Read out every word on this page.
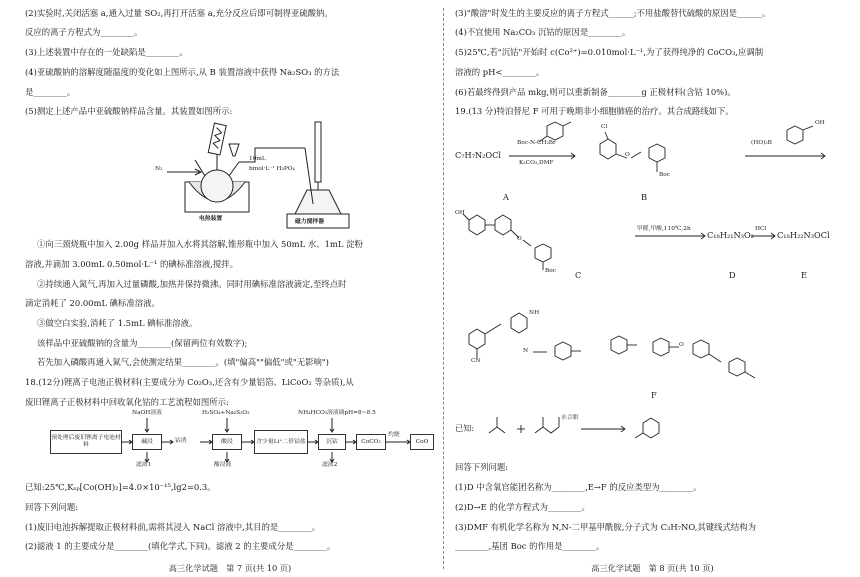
(2)实验时,关闭活塞 a,通入过量 SO₂,再打开活塞 a,充分反应后即可制得亚硫酸钠。
反应的离子方程式为________。
(3)上述装置中存在的一处缺陷是________。
(4)亚硫酸钠的溶解度随温度的变化如上图所示,从 B 装置溶液中获得 Na₂SO₃ 的方法
是________。
(5)测定上述产品中亚硫酸钠样品含量。其装置如图所示:
N₂
10mL
bmol·L⁻¹ H₃PO₄
电热装置	磁力搅拌器
①向三颈烧瓶中加入 2.00g 样品并加入水将其溶解,锥形瓶中加入 50mL 水、1mL 淀粉
溶液,并滴加 3.00mL 0.50mol·L⁻¹ 的碘标准溶液,搅拌。
②持续通入氮气,再加入过量磷酸,加热并保持微沸。同时用碘标准溶液滴定,至终点时
滴定消耗了 20.00mL 碘标准溶液。
③做空白实验,消耗了 1.5mL 碘标准溶液。
该样品中亚硫酸钠的含量为________(保留两位有效数字);
若先加入磷酸再通入氮气,会使测定结果________。(填"偏高""偏低"或"无影响")
18.(12分)锂离子电池正极材料(主要成分为 Co₂O₃,还含有少量铝箔、LiCoO₂ 等杂质),从
废旧锂离子正极材料中回收氧化钴的工艺流程如图所示:
预处理后废旧锂离子电池材料
NaOH溶液
碱浸
滤液1
钴渣
H₂SO₄+Na₂S₂O₃
酸浸
酸浸液
含少量Li⁺二价钴盐
NH₄HCO₃溶液调pH=8~8.5
沉钴
滤液2
CoCO₃
灼烧
CoO
已知:25℃,Kₛₚ[Co(OH)₂]=4.0×10⁻¹⁵,lg2=0.3。
回答下列问题:
(1)废旧电池拆解提取正极材料前,需将其浸入 NaCl 溶液中,其目的是________。
(2)滤液 1 的主要成分是________(填化学式,下同)。滤液 2 的主要成分是________。
高三化学试题　第 7 页(共 10 页)
(3)"酸溶"时发生的主要反应的离子方程式______;不用盐酸替代硫酸的原因是______。
(4)不宜使用 Na₂CO₃ 沉钴的原因是________。
(5)25℃,若"沉钴"开始时 c(Co²⁺)=0.010mol·L⁻¹,为了获得纯净的 CoCO₃,应调制
溶液的 pH<________。
(6)若最终得到产品 mkg,则可以重新制备________g 正极材料(含钴 10%)。
19.(13 分)特泊替尼 F 可用于晚期非小细胞肺癌的治疗。其合成路线如下。
C₇H₇N₂OCl
Boc-N-CH₂Br
K₂CO₃,DMF
Cl
O
Boc
(HO)₂B
OH
A	B
OH
O
Boc
甲醛,甲酸,110℃,2h
C₁₈H₂₁N₃O₂
HCl
C₁₈H₂₂N₃OCl
C	D	E
NH
CN
N
O
F
已知:
水合肼
回答下列问题:
(1)D 中含氧官能团名称为________,E→F 的反应类型为________。
(2)D→E 的化学方程式为________。
(3)DMF 有机化学名称为 N,N-二甲基甲酰胺,分子式为 C₃H₇NO,其键线式结构为
________,基团 Boc 的作用是________。
高三化学试题　第 8 页(共 10 页)
